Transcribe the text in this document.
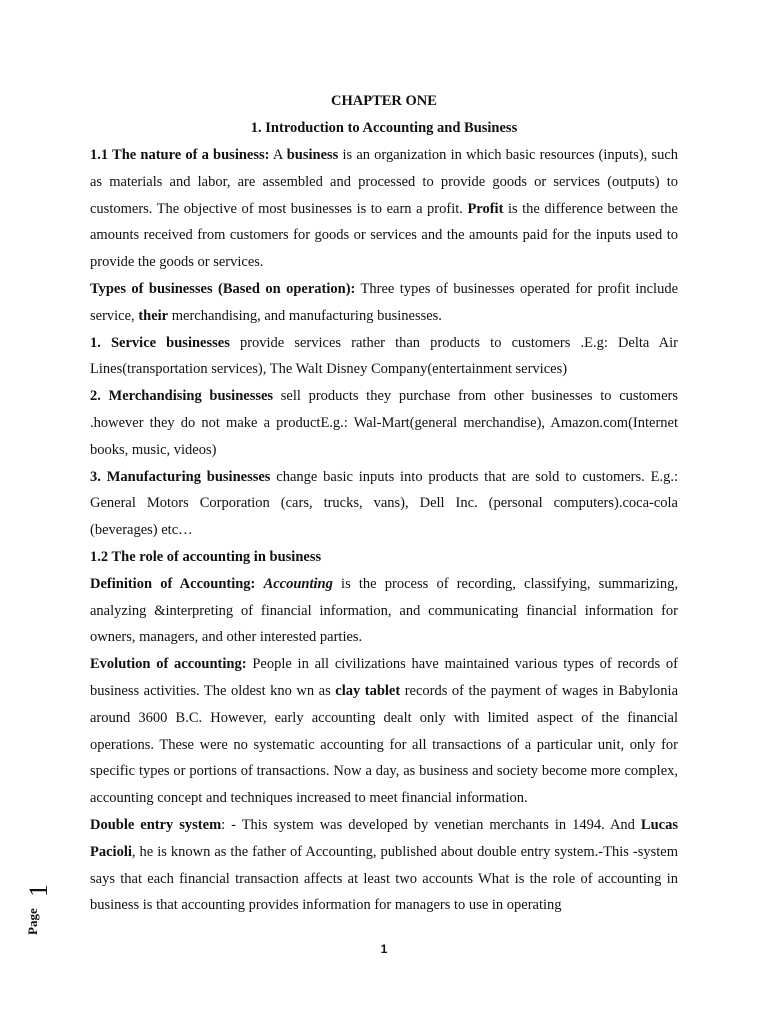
CHAPTER ONE
1. Introduction to Accounting and Business

1.1 The nature of a business: A business is an organization in which basic resources (inputs), such as materials and labor, are assembled and processed to provide goods or services (outputs) to customers. The objective of most businesses is to earn a profit. Profit is the difference between the amounts received from customers for goods or services and the amounts paid for the inputs used to provide the goods or services.

Types of businesses (Based on operation): Three types of businesses operated for profit include service, their merchandising, and manufacturing businesses.

1. Service businesses provide services rather than products to customers .E.g: Delta Air Lines(transportation services), The Walt Disney Company(entertainment services)

2. Merchandising businesses sell products they purchase from other businesses to customers .however they do not make a productE.g.: Wal-Mart(general merchandise), Amazon.com(Internet books, music, videos)

3. Manufacturing businesses change basic inputs into products that are sold to customers. E.g.: General Motors Corporation (cars, trucks, vans), Dell Inc. (personal computers).coca-cola (beverages) etc…

1.2 The role of accounting in business

Definition of Accounting: Accounting is the process of recording, classifying, summarizing, analyzing &interpreting of financial information, and communicating financial information for owners, managers, and other interested parties.

Evolution of accounting: People in all civilizations have maintained various types of records of business activities. The oldest kno wn as clay tablet records of the payment of wages in Babylonia around 3600 B.C. However, early accounting dealt only with limited aspect of the financial operations. These were no systematic accounting for all transactions of a particular unit, only for specific types or portions of transactions. Now a day, as business and society become more complex, accounting concept and techniques increased to meet financial information.

Double entry system: - This system was developed by venetian merchants in 1494. And Lucas Pacioli, he is known as the father of Accounting, published about double entry system.-This -system says that each financial transaction affects at least two accounts What is the role of accounting in business is that accounting provides information for managers to use in operating

Page
1
1
